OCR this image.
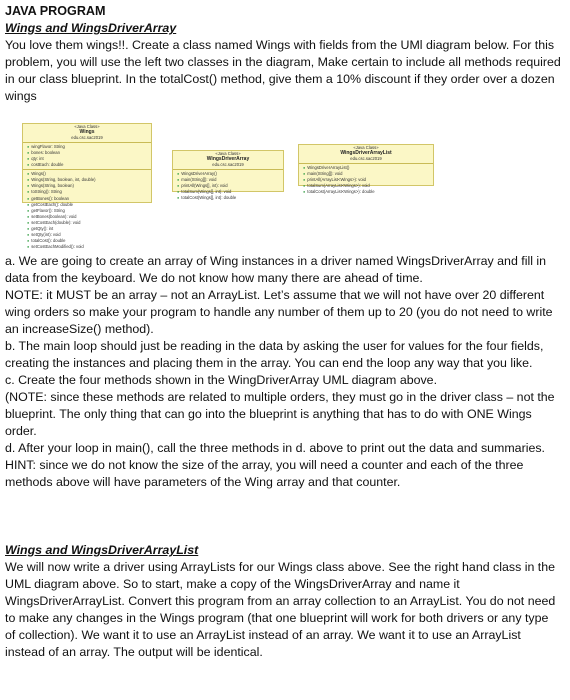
JAVA PROGRAM

Wings and WingsDriverArray

You love them wings!!. Create a class named Wings with fields from the UMl diagram below. For this problem, you will use the left two classes in the diagram, Make certain to include all methods required in our class blueprint. In the totalCost() method, give them a 10% discount if they order over a dozen wings

«Java Class»
Wings
edu.csc.sac2019
● wingFlavor: String
● bones: boolean
● qty: int
● costEach: double
● Wings()
● Wings(String, boolean, int, double)
● Wings(String, boolean)
● toString(): String
● getBones(): boolean
● getCostEach(): double
● getFlavor(): String
● setBones(boolean): void
● setCostEach(double): void
● getQty(): int
● setQty(int): void
● totalCost(): double
● setCostEachModified(): void
«Java Class»
WingsDriverArray
edu.csc.sac2019
● WingsDriverArray()
● main(String[]): void
● printAll(Wings[], int): void
● totalSum(Wings[], int): void
● totalCost(Wings[], int): double
«Java Class»
WingsDriverArrayList
edu.csc.sac2019
● WingsDriverArrayList()
● main(String[]): void
● printAll(ArrayList<Wings>): void
● totalSum(ArrayList<Wings>): void
● totalCost(ArrayList<Wings>): double

a. We are going to create an array of Wing instances in a driver named WingsDriverArray and fill in data from the keyboard. We do not know how many there are ahead of time.

NOTE: it MUST be an array – not an ArrayList. Let’s assume that we will not have over 20 different wing orders so make your program to handle any number of them up to 20 (you do not need to write an increaseSize() method).

b. The main loop should just be reading in the data by asking the user for values for the four fields, creating the instances and placing them in the array. You can end the loop any way that you like.

c. Create the four methods shown in the WingDriverArray UML diagram above.

(NOTE: since these methods are related to multiple orders, they must go in the driver class – not the blueprint. The only thing that can go into the blueprint is anything that has to do with ONE Wings order.

d. After your loop in main(), call the three methods in d. above to print out the data and summaries.

HINT: since we do not know the size of the array, you will need a counter and each of the three methods above will have parameters of the Wing array and that counter.

Wings and WingsDriverArrayList

We will now write a driver using ArrayLists for our Wings class above. See the right hand class in the UML diagram above. So to start, make a copy of the WingsDriverArray and name it WingsDriverArrayList. Convert this program from an array collection to an ArrayList. You do not need to make any changes in the Wings program (that one blueprint will work for both drivers or any type of collection). We want it to use an ArrayList instead of an array. We want it to use an ArrayList instead of an array. The output will be identical.
